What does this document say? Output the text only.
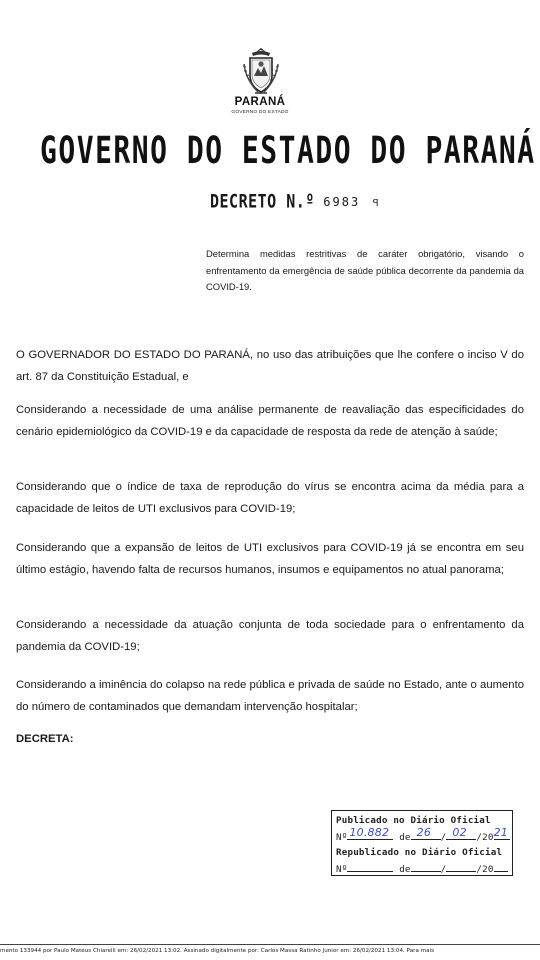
PARANÁ
GOVERNO DO ESTADO
GOVERNO DO ESTADO DO PARANÁ
DECRETO N.º 6983 ꟼ
Determina medidas restritivas de caráter obrigatório, visando o enfrentamento da emergência de saúde pública decorrente da pandemia da COVID-19.
O GOVERNADOR DO ESTADO DO PARANÁ, no uso das atribuições que lhe confere o inciso V do art. 87 da Constituição Estadual, e
Considerando a necessidade de uma análise permanente de reavaliação das especificidades do cenário epidemiológico da COVID-19 e da capacidade de resposta da rede de atenção à saúde;
Considerando que o índice de taxa de reprodução do vírus se encontra acima da média para a capacidade de leitos de UTI exclusivos para COVID-19;
Considerando que a expansão de leitos de UTI exclusivos para COVID-19 já se encontra em seu último estágio, havendo falta de recursos humanos, insumos e equipamentos no atual panorama;
Considerando a necessidade da atuação conjunta de toda sociedade para o enfrentamento da pandemia da COVID-19;
Considerando a iminência do colapso na rede pública e privada de saúde no Estado, ante o aumento do número de contaminados que demandam intervenção hospitalar;
DECRETA:
Publicado no Diário Oficial
Nº 10.882 de 26 / 02 /20 21
Republicado no Diário Oficial
Nº	de	/	/20
mento 133944 por Paulo Mateus Chiarelli em: 26/02/2021 13:02. Assinado digitalmente por: Carlos Massa Ratinho Junior em: 26/02/2021 13:04. Para mais
